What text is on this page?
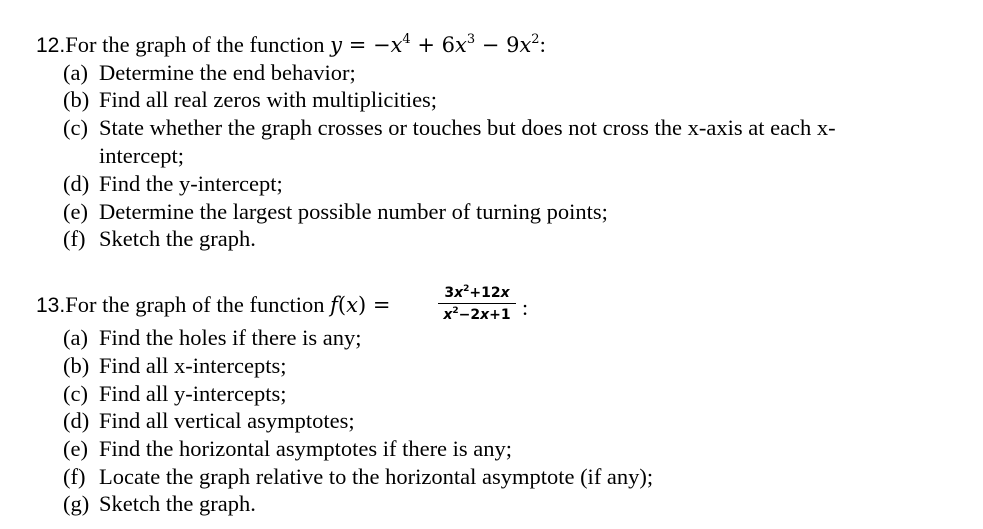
12.For the graph of the function $y = -x^4 + 6x^3 - 9x^2$:
(a) Determine the end behavior;
(b) Find all real zeros with multiplicities;
(c) State whether the graph crosses or touches but does not cross the x-axis at each x-
intercept;
(d) Find the y-intercept;
(e) Determine the largest possible number of turning points;
(f) Sketch the graph.
13.For the graph of the function f(x) =	$3x^2+12x$
$x^2-2x+1$ :
(a) Find the holes if there is any;
(b) Find all x-intercepts;
(c) Find all y-intercepts;
(d) Find all vertical asymptotes;
(e) Find the horizontal asymptotes if there is any;
(f) Locate the graph relative to the horizontal asymptote (if any);
(g) Sketch the graph.
